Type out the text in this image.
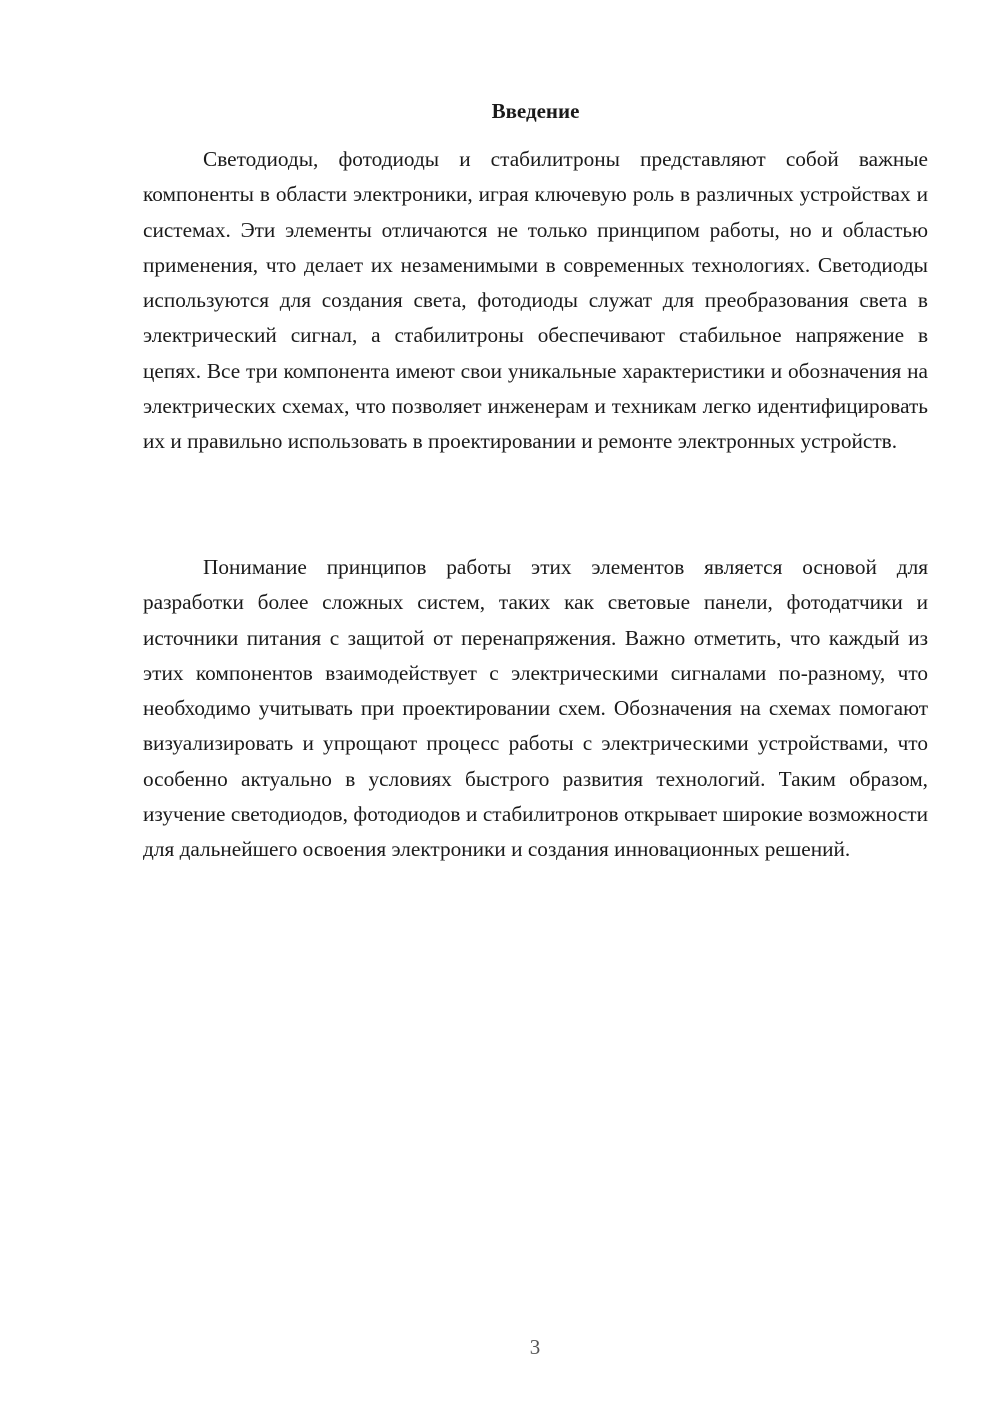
Введение

Светодиоды, фотодиоды и стабилитроны представляют собой важные компоненты в области электроники, играя ключевую роль в различных устройствах и системах. Эти элементы отличаются не только принципом работы, но и областью применения, что делает их незаменимыми в современных технологиях. Светодиоды используются для создания света, фотодиоды служат для преобразования света в электрический сигнал, а стабилитроны обеспечивают стабильное напряжение в цепях. Все три компонента имеют свои уникальные характеристики и обозначения на электрических схемах, что позволяет инженерам и техникам легко идентифицировать их и правильно использовать в проектировании и ремонте электронных устройств.

Понимание принципов работы этих элементов является основой для разработки более сложных систем, таких как световые панели, фотодатчики и источники питания с защитой от перенапряжения. Важно отметить, что каждый из этих компонентов взаимодействует с электрическими сигналами по-разному, что необходимо учитывать при проектировании схем. Обозначения на схемах помогают визуализировать и упрощают процесс работы с электрическими устройствами, что особенно актуально в условиях быстрого развития технологий. Таким образом, изучение светодиодов, фотодиодов и стабилитронов открывает широкие возможности для дальнейшего освоения электроники и создания инновационных решений.

3
